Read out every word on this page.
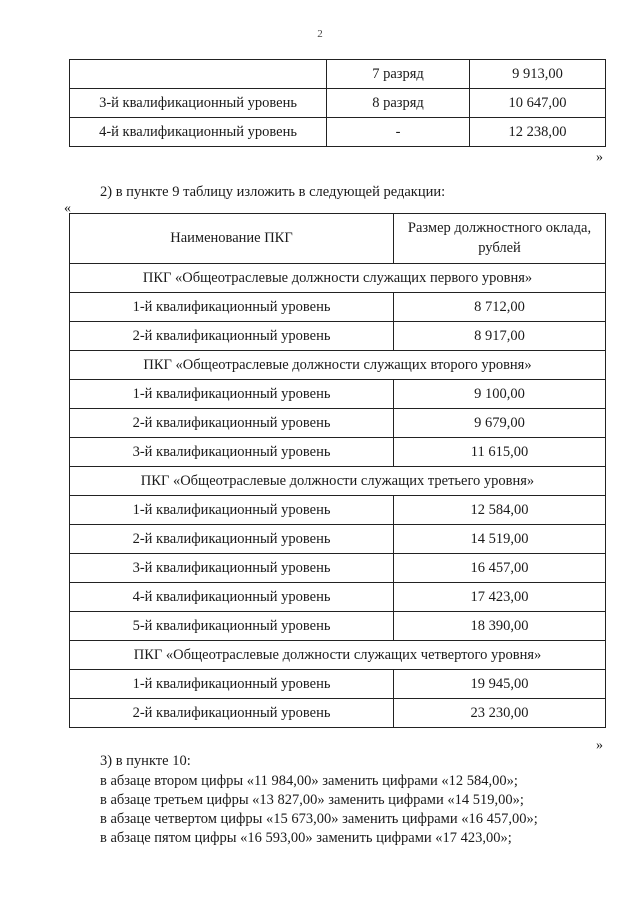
2
	7 разряд	9 913,00
3-й квалификационный уровень	8 разряд	10 647,00
4-й квалификационный уровень	-	12 238,00
»
2) в пункте 9 таблицу изложить в следующей редакции:
«
Наименование ПКГ	Размер должностного оклада, рублей
ПКГ «Общеотраслевые должности служащих первого уровня»	
1-й квалификационный уровень	8 712,00
2-й квалификационный уровень	8 917,00
ПКГ «Общеотраслевые должности служащих второго уровня»	
1-й квалификационный уровень	9 100,00
2-й квалификационный уровень	9 679,00
3-й квалификационный уровень	11 615,00
ПКГ «Общеотраслевые должности служащих третьего уровня»	
1-й квалификационный уровень	12 584,00
2-й квалификационный уровень	14 519,00
3-й квалификационный уровень	16 457,00
4-й квалификационный уровень	17 423,00
5-й квалификационный уровень	18 390,00
ПКГ «Общеотраслевые должности служащих четвертого уровня»	
1-й квалификационный уровень	19 945,00
2-й квалификационный уровень	23 230,00
»
3) в пункте 10:
в абзаце втором цифры «11 984,00» заменить цифрами «12 584,00»;
в абзаце третьем цифры «13 827,00» заменить цифрами «14 519,00»;
в абзаце четвертом цифры «15 673,00» заменить цифрами «16 457,00»;
в абзаце пятом цифры «16 593,00» заменить цифрами «17 423,00»;
